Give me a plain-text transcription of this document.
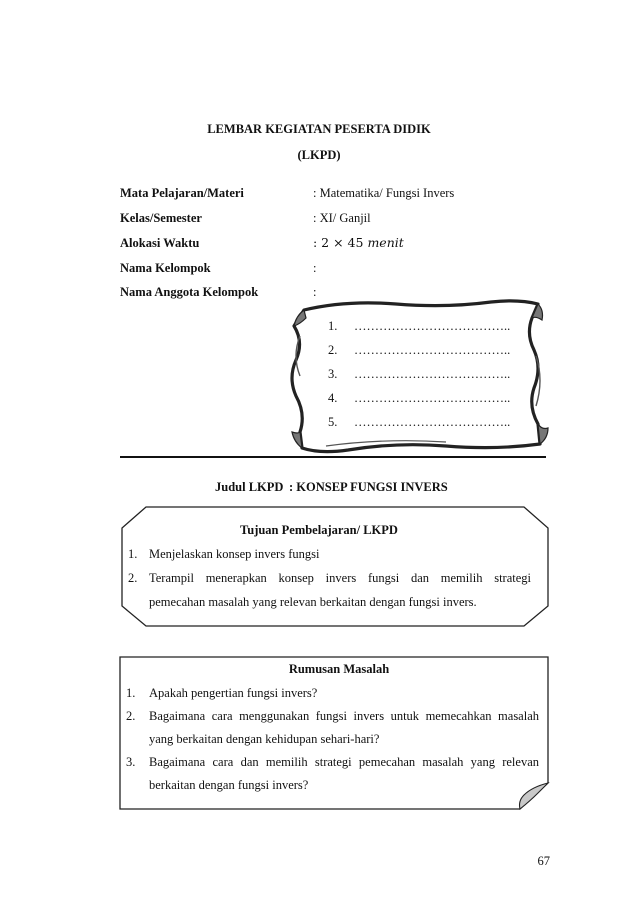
LEMBAR KEGIATAN PESERTA DIDIK
(LKPD)
Mata Pelajaran/Materi	: Matematika/ Fungsi Invers
Kelas/Semester	: XI/ Ganjil
Alokasi Waktu	: 2 × 45 menit
Nama Kelompok	:
Nama Anggota Kelompok	:
1. ………………………………..
2. ………………………………..
3. ………………………………..
4. ………………………………..
5. ………………………………..
Judul LKPD : KONSEP FUNGSI INVERS
Tujuan Pembelajaran/ LKPD
1. Menjelaskan konsep invers fungsi
2. Terampil menerapkan konsep invers fungsi dan memilih strategi
pemecahan masalah yang relevan berkaitan dengan fungsi invers.
Rumusan Masalah
1. Apakah pengertian fungsi invers?
2. Bagaimana cara menggunakan fungsi invers untuk memecahkan masalah
yang berkaitan dengan kehidupan sehari-hari?
3. Bagaimana cara dan memilih strategi pemecahan masalah yang relevan
berkaitan dengan fungsi invers?
67
